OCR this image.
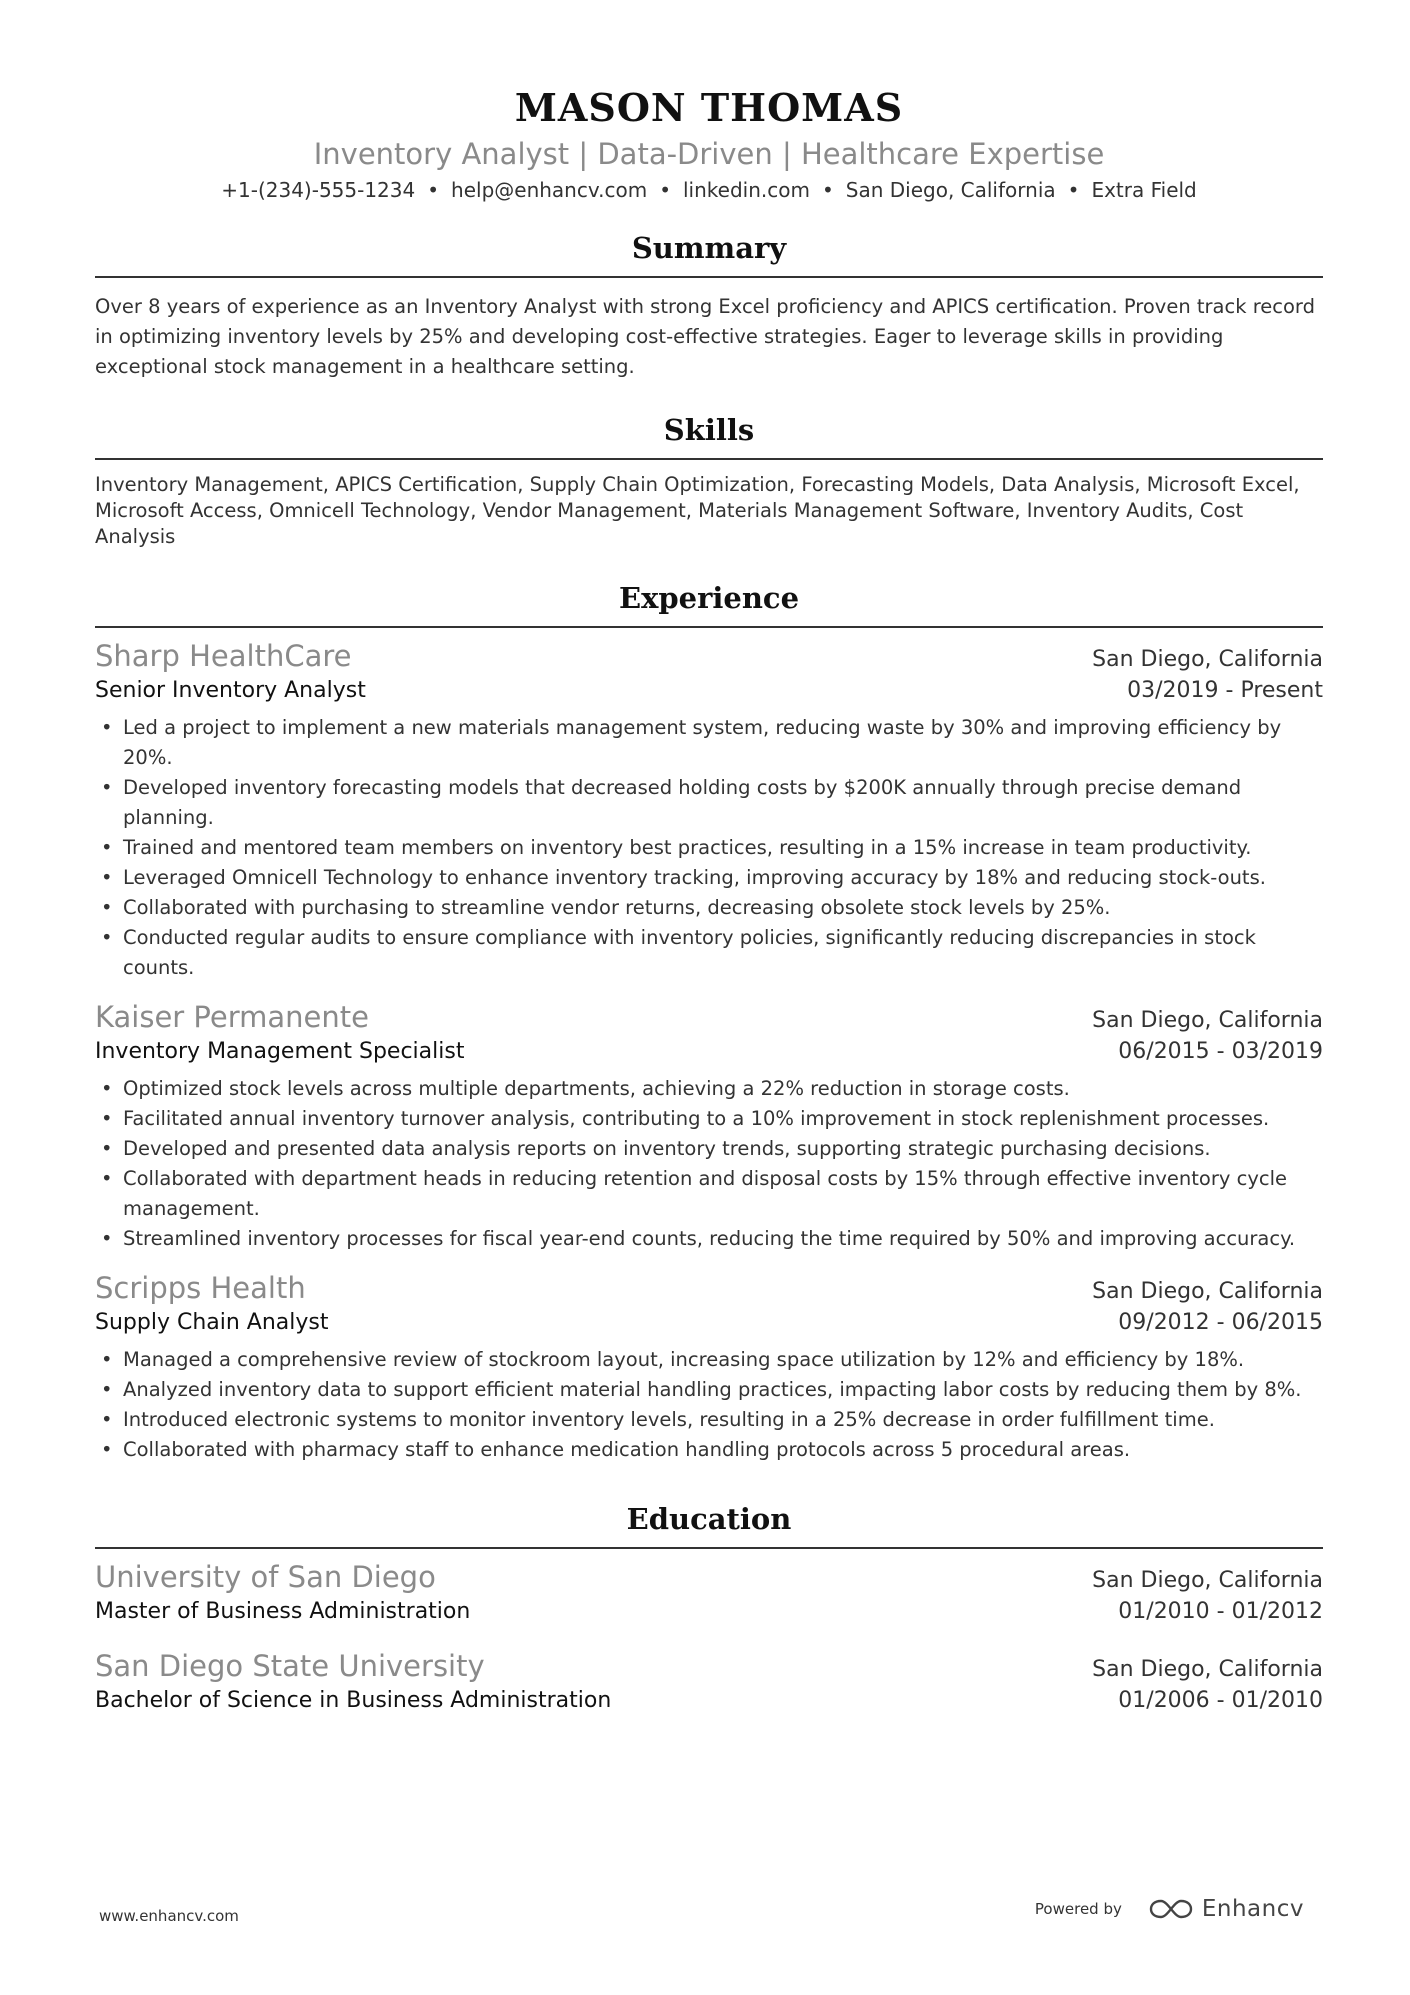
MASON THOMAS
Inventory Analyst | Data-Driven | Healthcare Expertise
+1-(234)-555-1234 • help@enhancv.com • linkedin.com • San Diego, California • Extra Field
Summary
Over 8 years of experience as an Inventory Analyst with strong Excel proficiency and APICS certification. Proven track record in optimizing inventory levels by 25% and developing cost-effective strategies. Eager to leverage skills in providing exceptional stock management in a healthcare setting.
Skills
Inventory Management, APICS Certification, Supply Chain Optimization, Forecasting Models, Data Analysis, Microsoft Excel, Microsoft Access, Omnicell Technology, Vendor Management, Materials Management Software, Inventory Audits, Cost Analysis
Experience
Sharp HealthCare	San Diego, California
Senior Inventory Analyst	03/2019 - Present
• Led a project to implement a new materials management system, reducing waste by 30% and improving efficiency by 20%.
• Developed inventory forecasting models that decreased holding costs by $200K annually through precise demand planning.
• Trained and mentored team members on inventory best practices, resulting in a 15% increase in team productivity.
• Leveraged Omnicell Technology to enhance inventory tracking, improving accuracy by 18% and reducing stock-outs.
• Collaborated with purchasing to streamline vendor returns, decreasing obsolete stock levels by 25%.
• Conducted regular audits to ensure compliance with inventory policies, significantly reducing discrepancies in stock counts.
Kaiser Permanente	San Diego, California
Inventory Management Specialist	06/2015 - 03/2019
• Optimized stock levels across multiple departments, achieving a 22% reduction in storage costs.
• Facilitated annual inventory turnover analysis, contributing to a 10% improvement in stock replenishment processes.
• Developed and presented data analysis reports on inventory trends, supporting strategic purchasing decisions.
• Collaborated with department heads in reducing retention and disposal costs by 15% through effective inventory cycle management.
• Streamlined inventory processes for fiscal year-end counts, reducing the time required by 50% and improving accuracy.
Scripps Health	San Diego, California
Supply Chain Analyst	09/2012 - 06/2015
• Managed a comprehensive review of stockroom layout, increasing space utilization by 12% and efficiency by 18%.
• Analyzed inventory data to support efficient material handling practices, impacting labor costs by reducing them by 8%.
• Introduced electronic systems to monitor inventory levels, resulting in a 25% decrease in order fulfillment time.
• Collaborated with pharmacy staff to enhance medication handling protocols across 5 procedural areas.
Education
University of San Diego	San Diego, California
Master of Business Administration	01/2010 - 01/2012
San Diego State University	San Diego, California
Bachelor of Science in Business Administration	01/2006 - 01/2010
www.enhancv.com	Powered by	Enhancv
